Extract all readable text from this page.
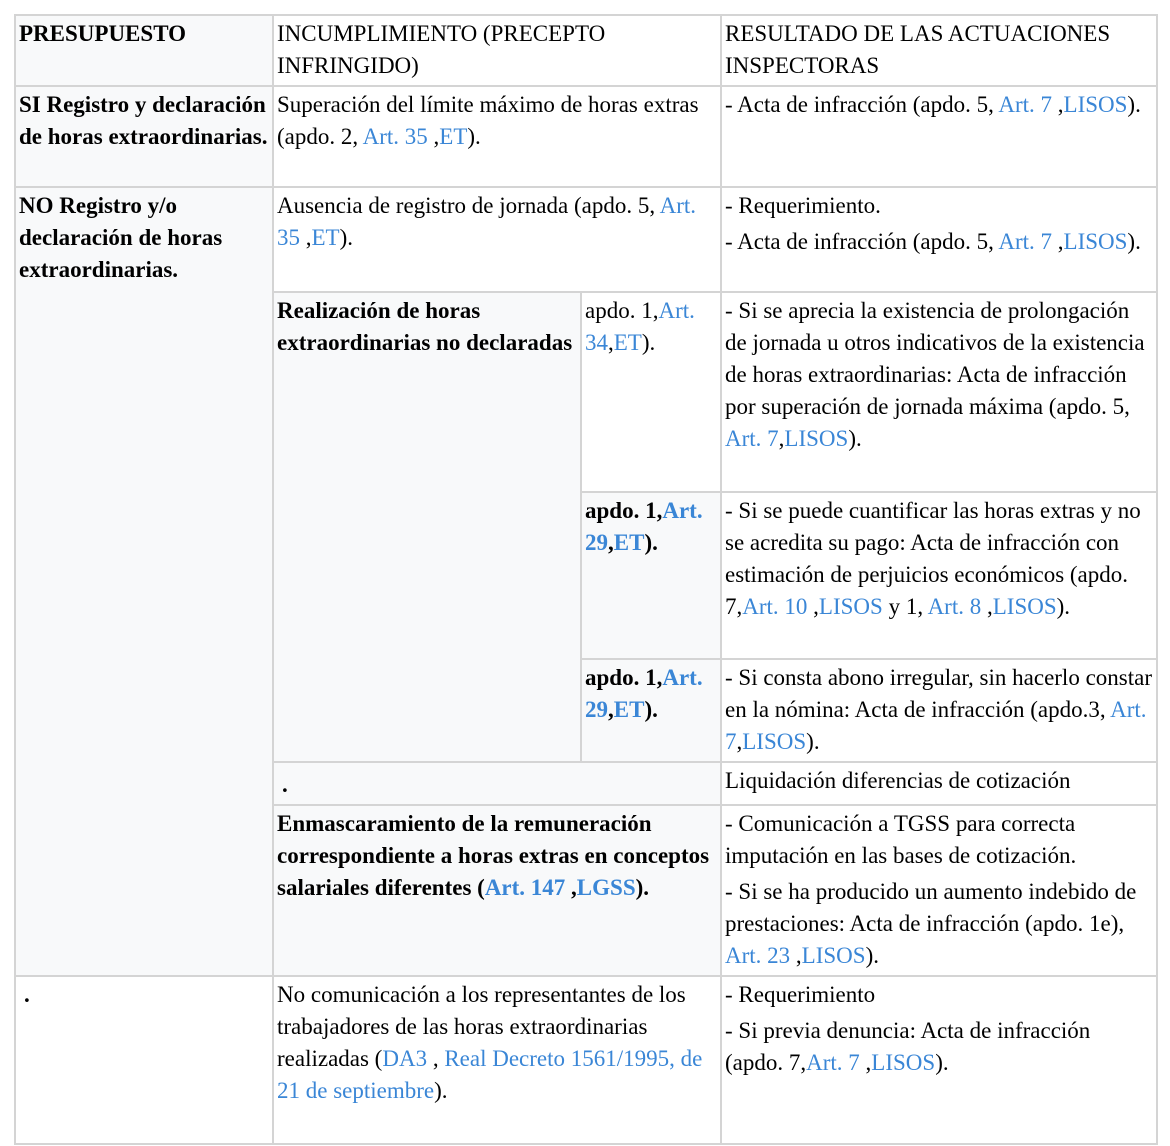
PRESUPUESTO	INCUMPLIMIENTO (PRECEPTO INFRINGIDO)		RESULTADO DE LAS ACTUACIONES INSPECTORAS
SI Registro y declaración de horas extraordinarias.	Superación del límite máximo de horas extras (apdo. 2, Art. 35 ,ET).		- Acta de infracción (apdo. 5, Art. 7 ,LISOS).
NO Registro y/o declaración de horas extraordinarias.	Ausencia de registro de jornada (apdo. 5, Art. 35 ,ET).		- Requerimiento.

- Acta de infracción (apdo. 5, Art. 7 ,LISOS).

	Realización de horas extraordinarias no declaradas	apdo. 1,Art. 34,ET).	- Si se aprecia la existencia de prolongación de jornada u otros indicativos de la existencia de horas extraordinarias: Acta de infracción por superación de jornada máxima (apdo. 5, Art. 7,LISOS).
		apdo. 1,Art. 29,ET).	- Si se puede cuantificar las horas extras y no se acredita su pago: Acta de infracción con estimación de perjuicios económicos (apdo. 7,Art. 10 ,LISOS y 1, Art. 8 ,LISOS).
		apdo. 1,Art. 29,ET).	- Si consta abono irregular, sin hacerlo constar en la nómina: Acta de infracción (apdo.3, Art. 7,LISOS).
	.		Liquidación diferencias de cotización
	Enmascaramiento de la remuneración correspondiente a horas extras en conceptos salariales diferentes (Art. 147 ,LGSS).		- Comunicación a TGSS para correcta imputación en las bases de cotización.

- Si se ha producido un aumento indebido de prestaciones: Acta de infracción (apdo. 1e), Art. 23 ,LISOS).

.	No comunicación a los representantes de los trabajadores de las horas extraordinarias realizadas (DA3 , Real Decreto 1561/1995, de 21 de septiembre).		- Requerimiento

- Si previa denuncia: Acta de infracción (apdo. 7,Art. 7 ,LISOS).
